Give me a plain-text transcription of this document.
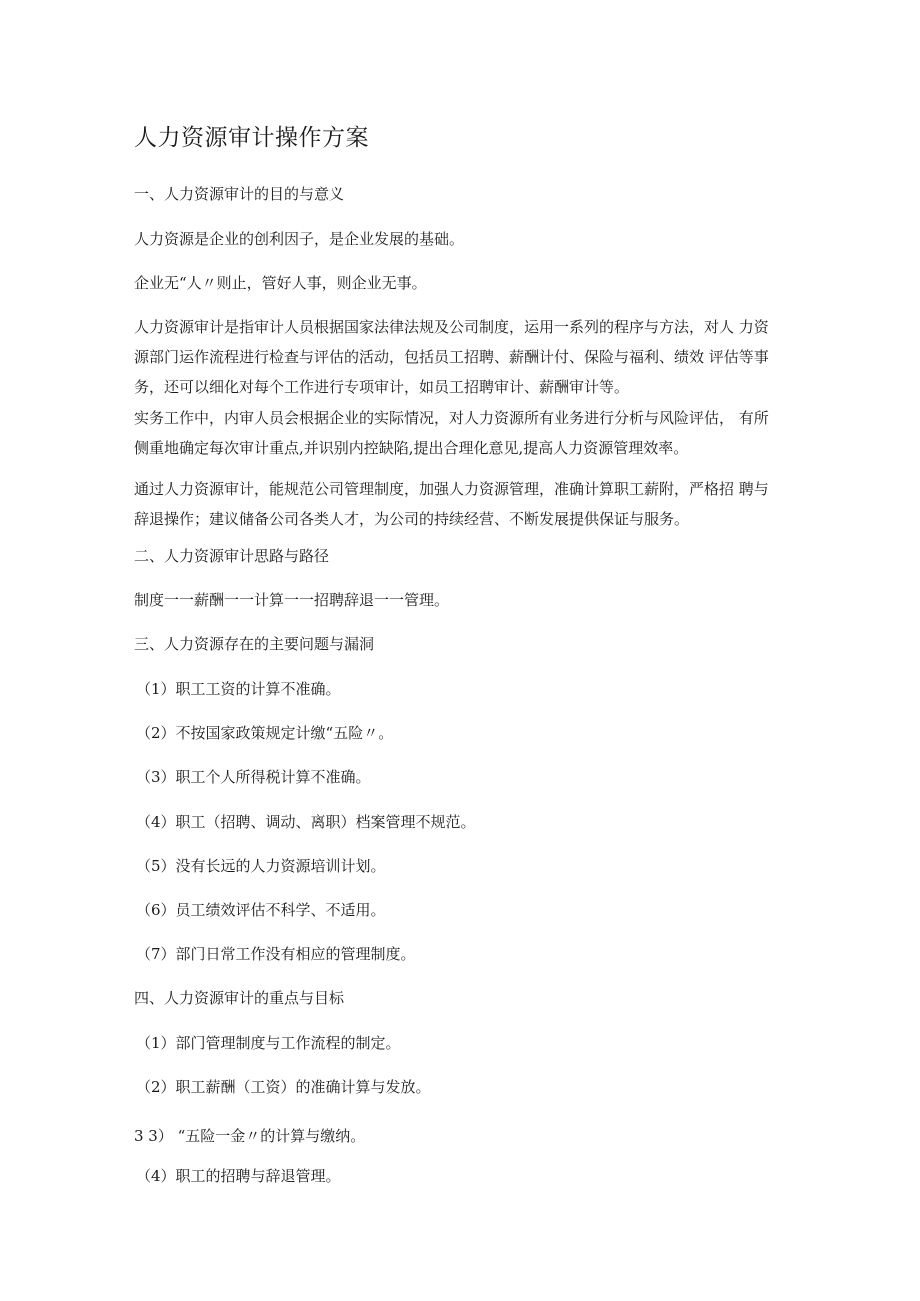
人力资源审计操作方案
一、人力资源审计的目的与意义
人力资源是企业的创利因子，是企业发展的基础。
企业无“人〃则止，管好人事，则企业无事。
人力资源审计是指审计人员根据国家法律法规及公司制度，运用一系列的程序与方法，对人 力资
源部门运作流程进行检查与评估的活动，包括员工招聘、薪酬计付、保险与福利、绩效 评估等事
务，还可以细化对每个工作进行专项审计，如员工招聘审计、薪酬审计等。
实务工作中，内审人员会根据企业的实际情况，对人力资源所有业务进行分析与风险评估， 有所
侧重地确定每次审计重点,并识别内控缺陷,提出合理化意见,提高人力资源管理效率。
通过人力资源审计，能规范公司管理制度，加强人力资源管理，准确计算职工薪附，严格招 聘与
辞退操作；建议储备公司各类人才，为公司的持续经营、不断发展提供保证与服务。
二、人力资源审计思路与路径
制度一一薪酬一一计算一一招聘辞退一一管理。
三、人力资源存在的主要问题与漏洞
（1）职工工资的计算不准确。
（2）不按国家政策规定计缴“五险〃。
（3）职工个人所得税计算不准确。
（4）职工（招聘、调动、离职）档案管理不规范。
（5）没有长远的人力资源培训计划。
（6）员工绩效评估不科学、不适用。
（7）部门日常工作没有相应的管理制度。
四、人力资源审计的重点与目标
（1）部门管理制度与工作流程的制定。
（2）职工薪酬（工资）的准确计算与发放。
3 3） “五险一金〃的计算与缴纳。
（4）职工的招聘与辞退管理。
